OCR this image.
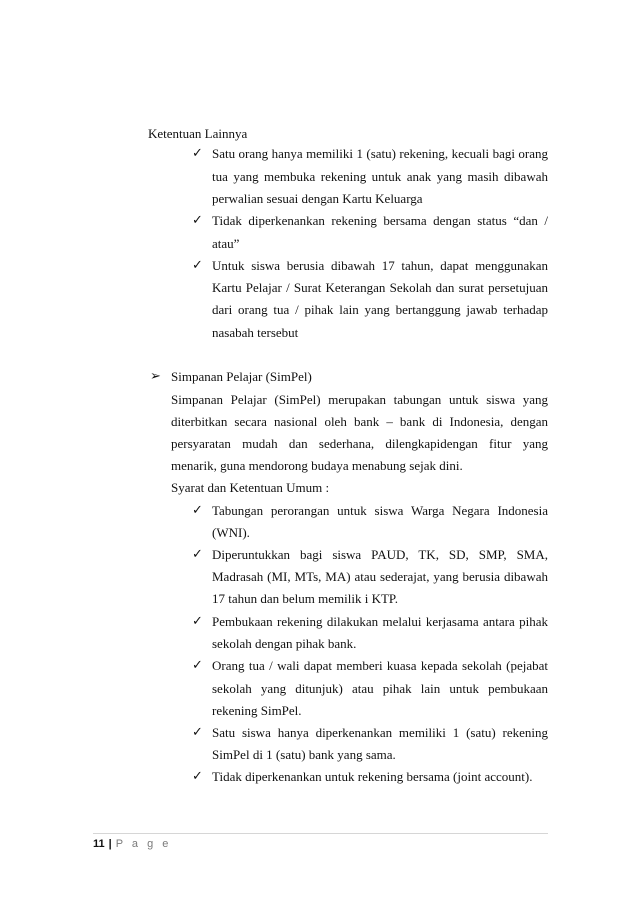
Ketentuan Lainnya
✓ Satu orang hanya memiliki 1 (satu) rekening, kecuali bagi orang
tua yang membuka rekening untuk anak yang masih dibawah
perwalian sesuai dengan Kartu Keluarga
✓ Tidak diperkenankan rekening bersama dengan status “dan /
atau”
✓ Untuk siswa berusia dibawah 17 tahun, dapat menggunakan
Kartu Pelajar / Surat Keterangan Sekolah dan surat persetujuan
dari orang tua / pihak lain yang bertanggung jawab terhadap
nasabah tersebut
➢ Simpanan Pelajar (SimPel)
Simpanan Pelajar (SimPel) merupakan tabungan untuk siswa yang
diterbitkan secara nasional oleh bank – bank di Indonesia, dengan
persyaratan mudah dan sederhana, dilengkapidengan fitur yang
menarik, guna mendorong budaya menabung sejak dini.
Syarat dan Ketentuan Umum :
✓ Tabungan perorangan untuk siswa Warga Negara Indonesia
(WNI).
✓ Diperuntukkan bagi siswa PAUD, TK, SD, SMP, SMA,
Madrasah (MI, MTs, MA) atau sederajat, yang berusia dibawah
17 tahun dan belum memilik i KTP.
✓ Pembukaan rekening dilakukan melalui kerjasama antara pihak
sekolah dengan pihak bank.
✓ Orang tua / wali dapat memberi kuasa kepada sekolah (pejabat
sekolah yang ditunjuk) atau pihak lain untuk pembukaan
rekening SimPel.
✓ Satu siswa hanya diperkenankan memiliki 1 (satu) rekening
SimPel di 1 (satu) bank yang sama.
✓ Tidak diperkenankan untuk rekening bersama (joint account).
11 | P a g e
